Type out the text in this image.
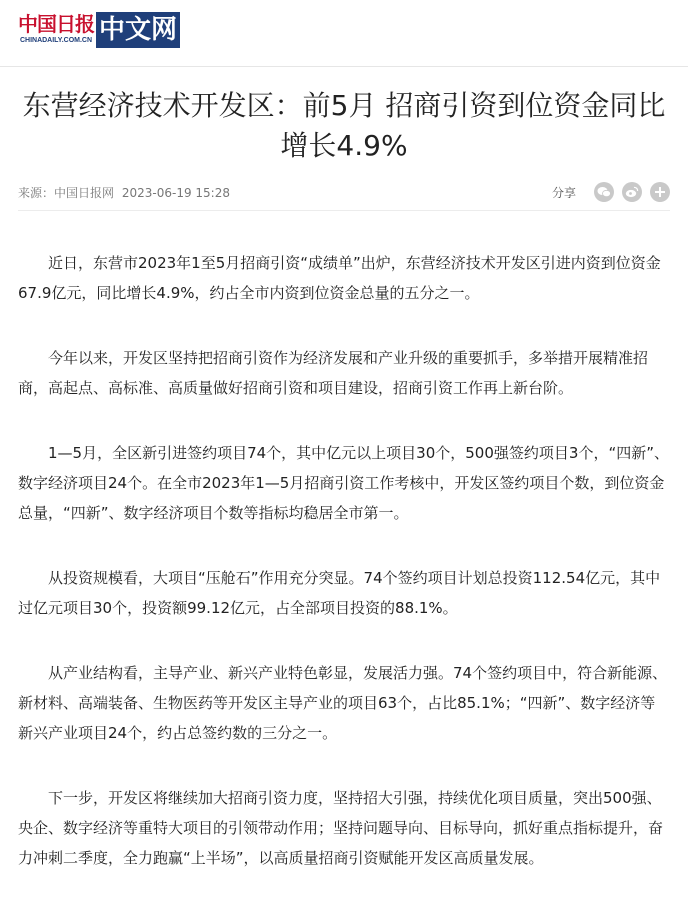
中国日报
CHINADAILY.COM.CN 中文网
东营经济技术开发区：前5月 招商引资到位资金同比增长4.9%
来源：中国日报网 2023-06-19 15:28	分享

近日，东营市2023年1至5月招商引资“成绩单”出炉，东营经济技术开发区引进内资到位资金67.9亿元，同比增长4.9%，约占全市内资到位资金总量的五分之一。

今年以来，开发区坚持把招商引资作为经济发展和产业升级的重要抓手，多举措开展精准招商，高起点、高标准、高质量做好招商引资和项目建设，招商引资工作再上新台阶。

1—5月，全区新引进签约项目74个，其中亿元以上项目30个，500强签约项目3个，“四新”、数字经济项目24个。在全市2023年1—5月招商引资工作考核中，开发区签约项目个数，到位资金总量，“四新”、数字经济项目个数等指标均稳居全市第一。

从投资规模看，大项目“压舱石”作用充分突显。74个签约项目计划总投资112.54亿元，其中过亿元项目30个，投资额99.12亿元，占全部项目投资的88.1%。

从产业结构看，主导产业、新兴产业特色彰显，发展活力强。74个签约项目中，符合新能源、新材料、高端装备、生物医药等开发区主导产业的项目63个，占比85.1%；“四新”、数字经济等新兴产业项目24个，约占总签约数的三分之一。

下一步，开发区将继续加大招商引资力度，坚持招大引强，持续优化项目质量，突出500强、央企、数字经济等重特大项目的引领带动作用；坚持问题导向、目标导向，抓好重点指标提升，奋力冲刺二季度，全力跑赢“上半场”，以高质量招商引资赋能开发区高质量发展。
